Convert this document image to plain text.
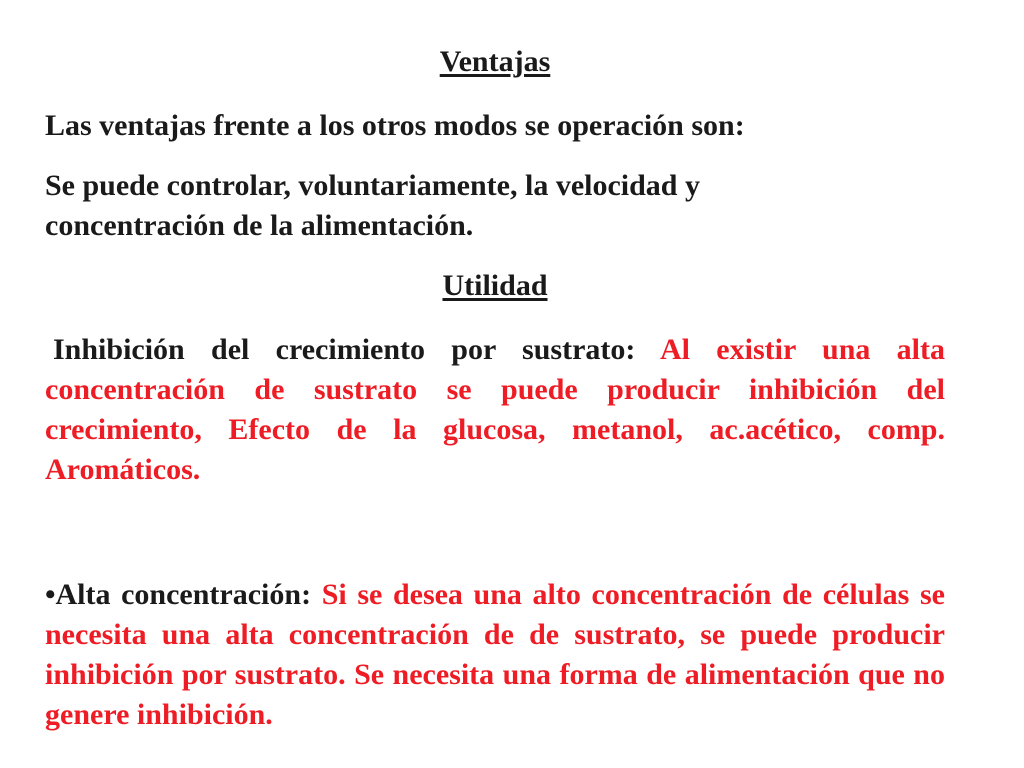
Ventajas

Las ventajas frente a los otros modos se operación son:

Se puede controlar, voluntariamente, la velocidad y
concentración de la alimentación.
Utilidad

Inhibición del crecimiento por sustrato: Al existir una alta concentración de sustrato se puede producir inhibición del crecimiento, Efecto de la glucosa, metanol, ac.acético, comp. Aromáticos.

•Alta concentración: Si se desea una alto concentración de células se necesita una alta concentración de de sustrato, se puede producir inhibición por sustrato. Se necesita una forma de alimentación que no genere inhibición.
